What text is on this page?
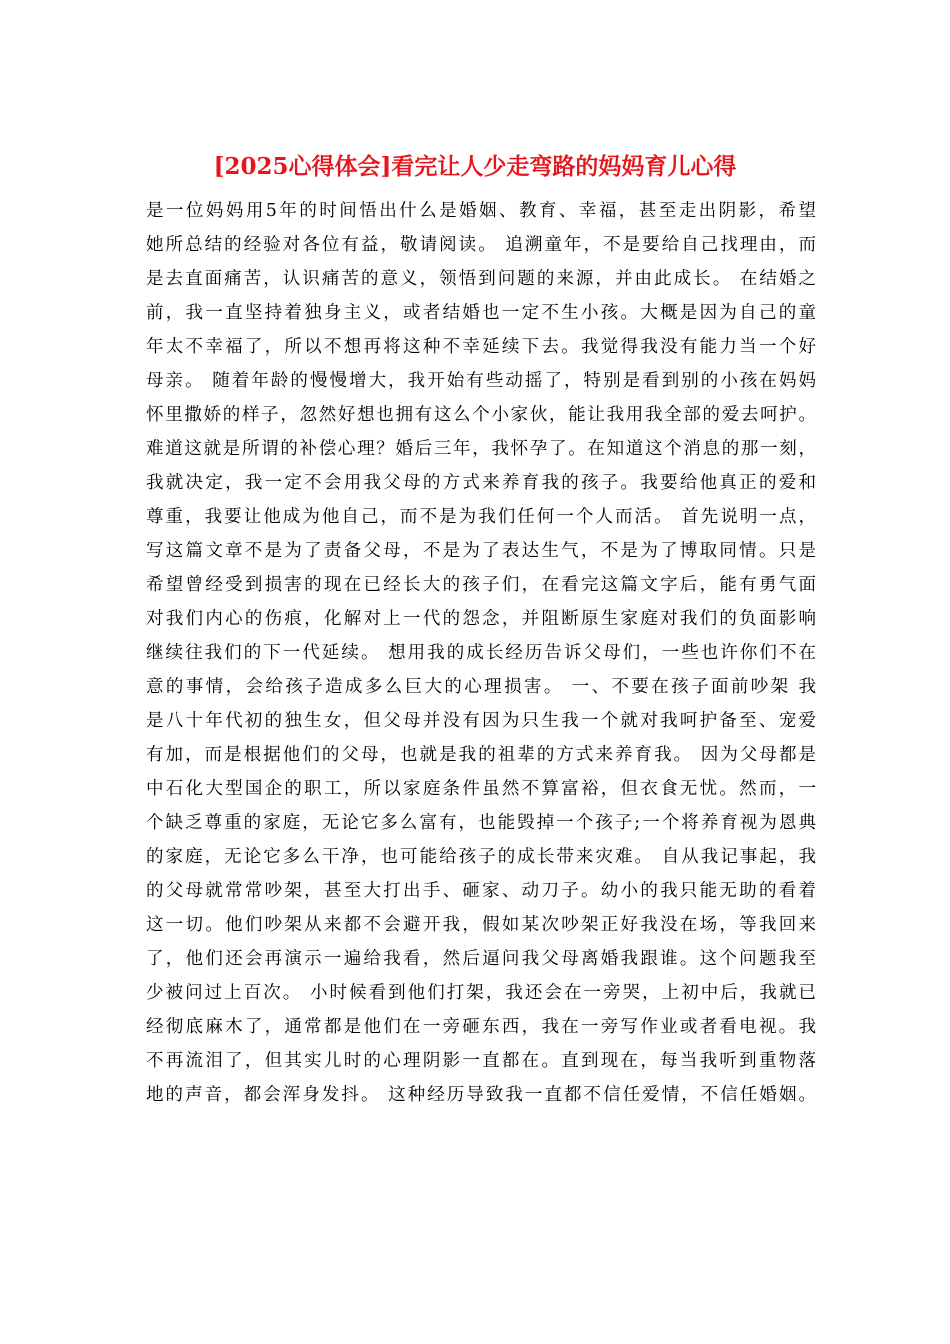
[2025心得体会]看完让人少走弯路的妈妈育儿心得
是一位妈妈用5年的时间悟出什么是婚姻、教育、幸福，甚至走出阴影，希望
她所总结的经验对各位有益，敬请阅读。 追溯童年，不是要给自己找理由，而
是去直面痛苦，认识痛苦的意义，领悟到问题的来源，并由此成长。 在结婚之
前，我一直坚持着独身主义，或者结婚也一定不生小孩。大概是因为自己的童
年太不幸福了，所以不想再将这种不幸延续下去。我觉得我没有能力当一个好
母亲。 随着年龄的慢慢增大，我开始有些动摇了，特别是看到别的小孩在妈妈
怀里撒娇的样子，忽然好想也拥有这么个小家伙，能让我用我全部的爱去呵护。
难道这就是所谓的补偿心理？婚后三年，我怀孕了。在知道这个消息的那一刻，
我就决定，我一定不会用我父母的方式来养育我的孩子。我要给他真正的爱和
尊重，我要让他成为他自己，而不是为我们任何一个人而活。 首先说明一点，
写这篇文章不是为了责备父母，不是为了表达生气，不是为了博取同情。只是
希望曾经受到损害的现在已经长大的孩子们，在看完这篇文字后，能有勇气面
对我们内心的伤痕，化解对上一代的怨念，并阻断原生家庭对我们的负面影响
继续往我们的下一代延续。 想用我的成长经历告诉父母们，一些也许你们不在
意的事情，会给孩子造成多么巨大的心理损害。 一、不要在孩子面前吵架 我
是八十年代初的独生女，但父母并没有因为只生我一个就对我呵护备至、宠爱
有加，而是根据他们的父母，也就是我的祖辈的方式来养育我。 因为父母都是
中石化大型国企的职工，所以家庭条件虽然不算富裕，但衣食无忧。然而，一
个缺乏尊重的家庭，无论它多么富有，也能毁掉一个孩子;一个将养育视为恩典
的家庭，无论它多么干净，也可能给孩子的成长带来灾难。 自从我记事起，我
的父母就常常吵架，甚至大打出手、砸家、动刀子。幼小的我只能无助的看着
这一切。他们吵架从来都不会避开我，假如某次吵架正好我没在场，等我回来
了，他们还会再演示一遍给我看，然后逼问我父母离婚我跟谁。这个问题我至
少被问过上百次。 小时候看到他们打架，我还会在一旁哭，上初中后，我就已
经彻底麻木了，通常都是他们在一旁砸东西，我在一旁写作业或者看电视。我
不再流泪了，但其实儿时的心理阴影一直都在。直到现在，每当我听到重物落
地的声音，都会浑身发抖。 这种经历导致我一直都不信任爱情，不信任婚姻。
